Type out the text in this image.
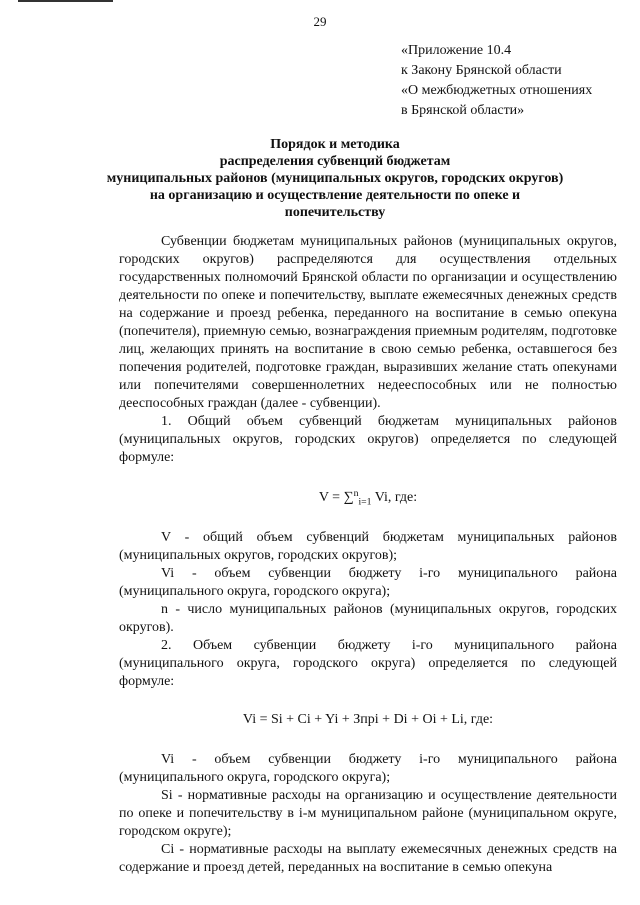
29
«Приложение 10.4
к Закону Брянской области
«О межбюджетных отношениях
в Брянской области»
Порядок и методика
распределения субвенций бюджетам
муниципальных районов (муниципальных округов, городских округов)
на организацию и осуществление деятельности по опеке и
попечительству

Субвенции бюджетам муниципальных районов (муниципальных округов, городских округов) распределяются для осуществления отдельных государственных полномочий Брянской области по организации и осуществлению деятельности по опеке и попечительству, выплате ежемесячных денежных средств на содержание и проезд ребенка, переданного на воспитание в семью опекуна (попечителя), приемную семью, вознаграждения приемным родителям, подготовке лиц, желающих принять на воспитание в свою семью ребенка, оставшегося без попечения родителей, подготовке граждан, выразивших желание стать опекунами или попечителями совершеннолетних недееспособных или не полностью дееспособных граждан (далее - субвенции).

1. Общий объем субвенций бюджетам муниципальных районов (муниципальных округов, городских округов) определяется по следующей формуле:

V = ∑$^n_{i=1}$ Vi, где:

V - общий объем субвенций бюджетам муниципальных районов (муниципальных округов, городских округов);

Vi - объем субвенции бюджету i-го муниципального района (муниципального округа, городского округа);

n - число муниципальных районов (муниципальных округов, городских округов).

2. Объем субвенции бюджету i-го муниципального района (муниципального округа, городского округа) определяется по следующей формуле:

Vi = Si + Ci + Yi + Зпрi + Di + Oi + Li, где:

Vi - объем субвенции бюджету i-го муниципального района (муниципального округа, городского округа);

Si - нормативные расходы на организацию и осуществление деятельности по опеке и попечительству в i-м муниципальном районе (муниципальном округе, городском округе);

Ci - нормативные расходы на выплату ежемесячных денежных средств на содержание и проезд детей, переданных на воспитание в семью опекуна
